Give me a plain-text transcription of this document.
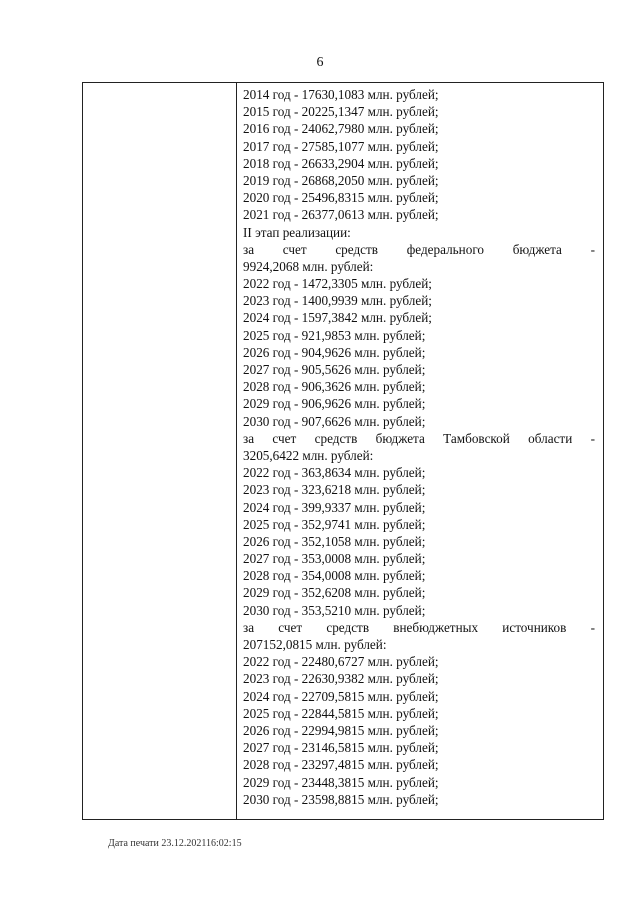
6
2014 год - 17630,1083 млн. рублей;
2015 год - 20225,1347 млн. рублей;
2016 год - 24062,7980 млн. рублей;
2017 год - 27585,1077 млн. рублей;
2018 год - 26633,2904 млн. рублей;
2019 год - 26868,2050 млн. рублей;
2020 год - 25496,8315 млн. рублей;
2021 год - 26377,0613 млн. рублей;
II этап реализации:
за счет средств федерального бюджета -
9924,2068 млн. рублей:
2022 год - 1472,3305 млн. рублей;
2023 год - 1400,9939 млн. рублей;
2024 год - 1597,3842 млн. рублей;
2025 год - 921,9853 млн. рублей;
2026 год - 904,9626 млн. рублей;
2027 год - 905,5626 млн. рублей;
2028 год - 906,3626 млн. рублей;
2029 год - 906,9626 млн. рублей;
2030 год - 907,6626 млн. рублей;
за счет средств бюджета Тамбовской области -
3205,6422 млн. рублей:
2022 год - 363,8634 млн. рублей;
2023 год - 323,6218 млн. рублей;
2024 год - 399,9337 млн. рублей;
2025 год - 352,9741 млн. рублей;
2026 год - 352,1058 млн. рублей;
2027 год - 353,0008 млн. рублей;
2028 год - 354,0008 млн. рублей;
2029 год - 352,6208 млн. рублей;
2030 год - 353,5210 млн. рублей;
за счет средств внебюджетных источников -
207152,0815 млн. рублей:
2022 год - 22480,6727 млн. рублей;
2023 год - 22630,9382 млн. рублей;
2024 год - 22709,5815 млн. рублей;
2025 год - 22844,5815 млн. рублей;
2026 год - 22994,9815 млн. рублей;
2027 год - 23146,5815 млн. рублей;
2028 год - 23297,4815 млн. рублей;
2029 год - 23448,3815 млн. рублей;
2030 год - 23598,8815 млн. рублей;
Дата печати 23.12.202116:02:15
